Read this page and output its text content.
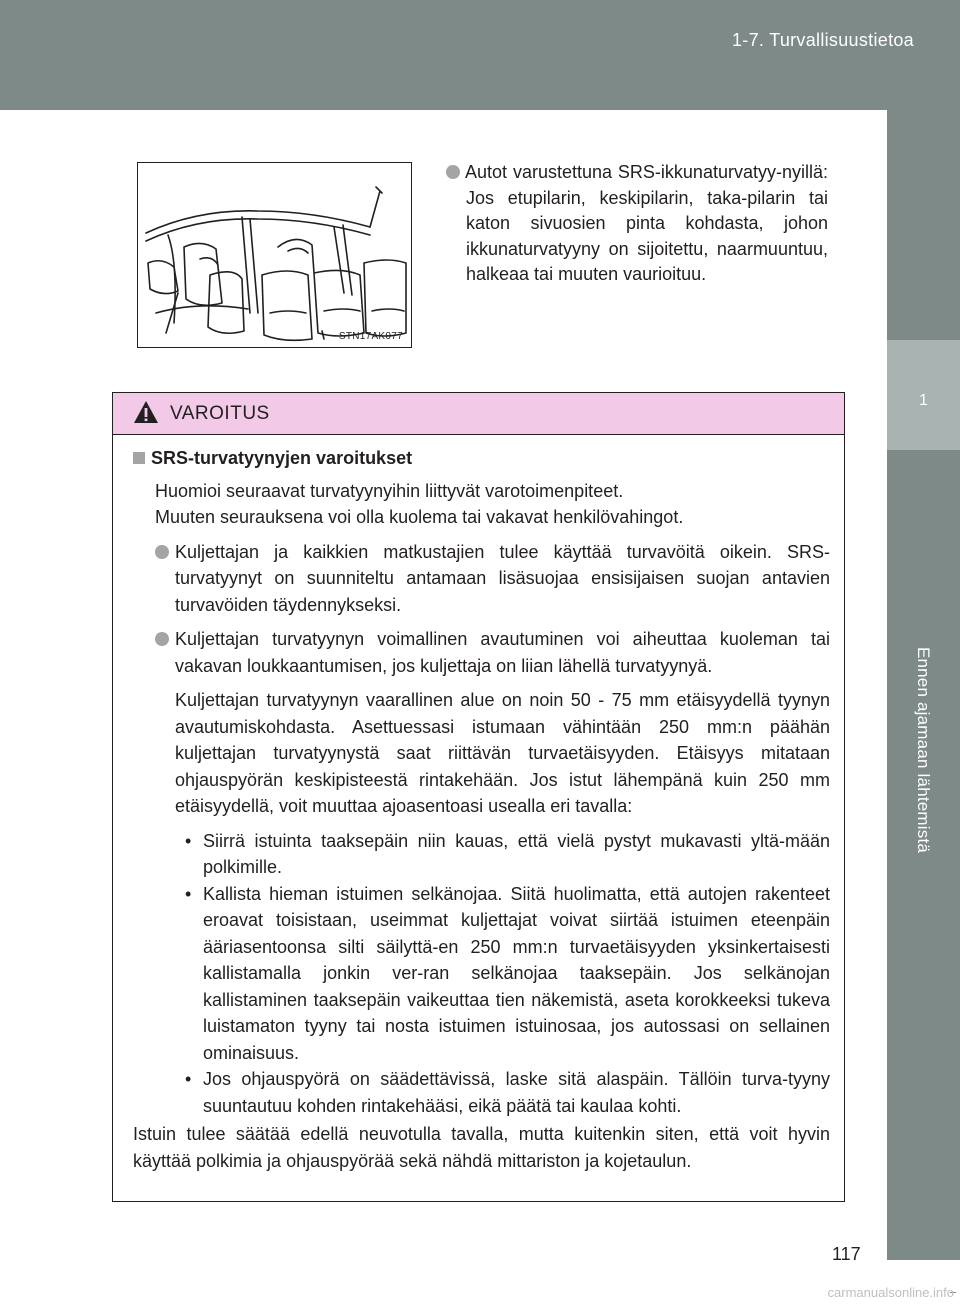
1-7. Turvallisuustietoa
1
Ennen ajamaan lähtemistä
STN17AK077
Autot varustettuna SRS-ikkunaturvatyy-nyillä: Jos etupilarin, keskipilarin, taka-pilarin tai katon sivuosien pinta kohdasta, johon ikkunaturvatyyny on sijoitettu, naarmuuntuu, halkeaa tai muuten vaurioituu.
VAROITUS
SRS-turvatyynyjen varoitukset

Huomioi seuraavat turvatyynyihin liittyvät varotoimenpiteet.

Muuten seurauksena voi olla kuolema tai vakavat henkilövahingot.

Kuljettajan ja kaikkien matkustajien tulee käyttää turvavöitä oikein. SRS-turvatyynyt on suunniteltu antamaan lisäsuojaa ensisijaisen suojan antavien turvavöiden täydennykseksi.
Kuljettajan turvatyynyn voimallinen avautuminen voi aiheuttaa kuoleman tai vakavan loukkaantumisen, jos kuljettaja on liian lähellä turvatyynyä.
Kuljettajan turvatyynyn vaarallinen alue on noin 50 - 75 mm etäisyydellä tyynyn avautumiskohdasta. Asettuessasi istumaan vähintään 250 mm:n päähän kuljettajan turvatyynystä saat riittävän turvaetäisyyden. Etäisyys mitataan ohjauspyörän keskipisteestä rintakehään. Jos istut lähempänä kuin 250 mm etäisyydellä, voit muuttaa ajoasentoasi usealla eri tavalla:
• Siirrä istuinta taaksepäin niin kauas, että vielä pystyt mukavasti yltä-mään polkimille.
• Kallista hieman istuimen selkänojaa. Siitä huolimatta, että autojen rakenteet eroavat toisistaan, useimmat kuljettajat voivat siirtää istuimen eteenpäin ääriasentoonsa silti säilyttä-en 250 mm:n turvaetäisyyden yksinkertaisesti kallistamalla jonkin ver-ran selkänojaa taaksepäin. Jos selkänojan kallistaminen taaksepäin vaikeuttaa tien näkemistä, aseta korokkeeksi tukeva luistamaton tyyny tai nosta istuimen istuinosaa, jos autossasi on sellainen ominaisuus.
• Jos ohjauspyörä on säädettävissä, laske sitä alaspäin. Tällöin turva-tyyny suuntautuu kohden rintakehääsi, eikä päätä tai kaulaa kohti.
Istuin tulee säätää edellä neuvotulla tavalla, mutta kuitenkin siten, että voit hyvin käyttää polkimia ja ohjauspyörää sekä nähdä mittariston ja kojetaulun.
117
carmanualsonline.info
